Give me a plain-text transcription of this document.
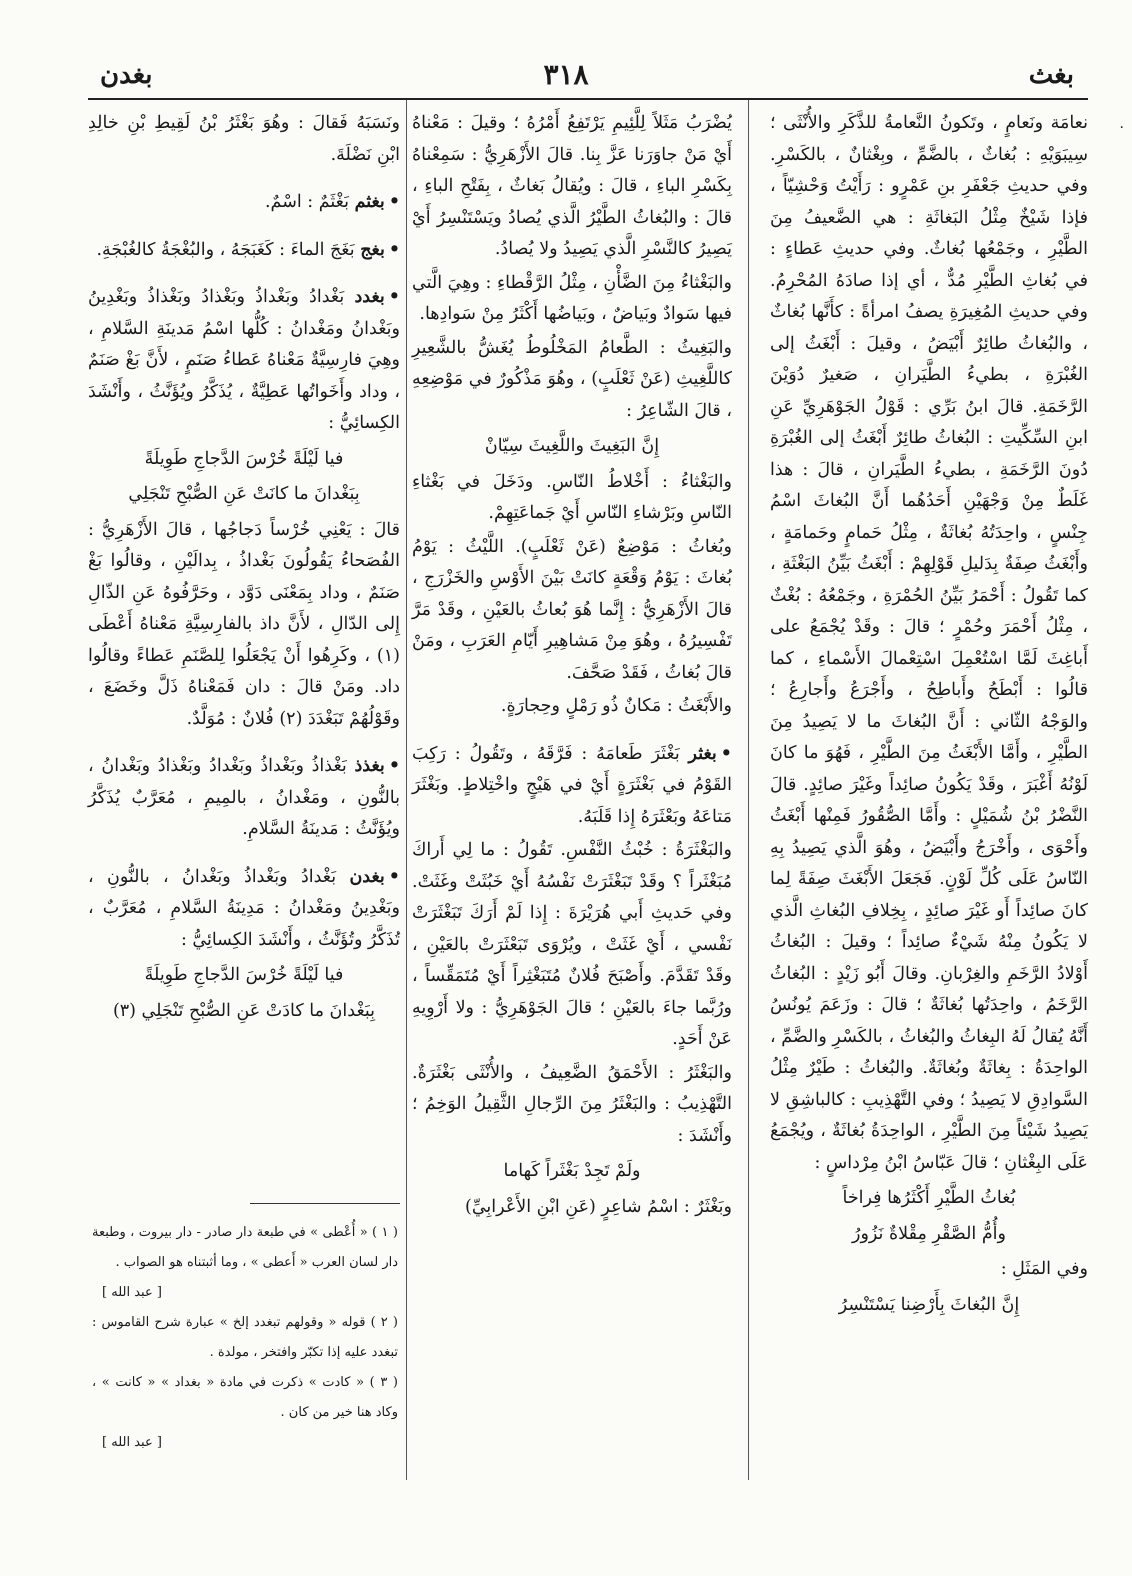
بغث
٣١٨
بغدن
·

نعامَة ونَعامٍ ، وتَكونُ النَّعامةُ للذَّكَرِ والأُنْثَى ؛ سِيبَوَيْهِ : بُغاثٌ ، بالضَّمِّ ، وبِغْثانٌ ، بالكَسْرِ. وفي حديثِ جَعْفَرِ بنِ عَمْرٍو : رَأَيْتُ وَحْشِيّاً ، فإذا شَيْخٌ مِثْلُ البَغاثَةِ : هي الضَّعيفُ مِنَ الطَّيْرِ ، وجَمْعُها بُغاثٌ. وفي حديثِ عَطاءٍ : في بُغاثِ الطَّيْرِ مُدٌّ ، أي إذا صادَهُ المُحْرِمُ. وفي حديثِ المُغِيرَةِ يصفُ امرأةً : كأَنَّها بُغاثٌ ، والبُغاثُ طائِرٌ أَبْيَضُ ، وقيلَ : أَبْغَثُ إلى الغُبْرَةِ ، بطيءُ الطَّيَرانِ ، صَغيرٌ دُوَيْنَ الرَّخَمَةِ. قالَ ابنُ بَرِّي : قَوْلُ الجَوْهَرِيِّ عَنِ ابنِ السِّكِّيتِ : البُغاثُ طائِرٌ أَبْغَثُ إلى الغُبْرَةِ دُونَ الرَّخَمَةِ ، بطيءُ الطَّيَرانِ ، قالَ : هذا غَلَطٌ مِنْ وَجْهَيْنِ أَحَدُهُما أَنَّ البُغاثَ اسْمُ جِنْسٍ ، واحِدَتُهُ بُغاثَةٌ ، مِثْلُ حَمامٍ وحَمامَةٍ ، وأَبْغَثُ صِفَةٌ بِدَليلِ قَوْلِهِمْ : أَبْغَثُ بَيِّنُ البَغْثَةِ ، كما تَقُولُ : أَحْمَرُ بَيِّنُ الحُمْرَةِ ، وجَمْعُهُ : بُغْثٌ ، مِثْلُ أَحْمَرَ وحُمْرٍ ؛ قالَ : وقَدْ يُجْمَعُ على أَباغِثَ لَمَّا اسْتُعْمِلَ اسْتِعْمالَ الأَسْماءِ ، كما قالُوا : أَبْطَحُ وأَباطِحُ ، وأَجْرَعُ وأَجارِعُ ؛ والوَجْهُ الثّاني : أَنَّ البُغاثَ ما لا يَصِيدُ مِنَ الطَّيْرِ ، وأَمَّا الأَبْغَثُ مِنَ الطَّيْرِ ، فَهُوَ ما كانَ لَوْنُهُ أَغْبَرَ ، وقَدْ يَكُونُ صائِداً وغَيْرَ صائِدٍ. قالَ النَّضْرُ بْنُ شُمَيْلٍ : وأَمَّا الصُّقُورُ فَمِنْها أَبْغَثُ وأَحْوَى ، وأَخْرَجُ وأَبْيَضُ ، وهُوَ الَّذي يَصِيدُ بِهِ النّاسُ عَلَى كُلِّ لَوْنٍ. فَجَعَلَ الأَبْغَثَ صِفَةً لِما كانَ صائِداً أَو غَيْرَ صائِدٍ ، بِخِلافِ البُغاثِ الَّذي لا يَكُونُ مِنْهُ شَيْءٌ صائِداً ؛ وقيلَ : البُغاثُ أَوْلادُ الرَّخَمِ والغِرْبانِ. وقالَ أَبُو زَيْدٍ : البُغاثُ الرَّخَمُ ، واحِدَتُها بُغاثَةٌ ؛ قالَ : وزَعَمَ يُونُسُ أَنَّهُ يُقالُ لَهُ البِغاثُ والبُغاثُ ، بالكَسْرِ والضَّمِّ ، الواحِدَةُ : بِغاثَةٌ وبُغاثَةٌ. والبُغاثُ : طَيْرٌ مِثْلُ السَّوادِقِ لا يَصِيدُ ؛ وفي التَّهْذِيبِ : كالباشِقِ لا يَصِيدُ شَيْئاً مِنَ الطَّيْرِ ، الواحِدَةُ بُغاثَةٌ ، ويُجْمَعُ عَلَى البِغْثانِ ؛ قالَ عَبّاسُ ابْنُ مِرْداسٍ :

بُغاثُ الطَّيْرِ أَكْثَرُها فِراخاً
وأُمُّ الصَّقْرِ مِقْلاةٌ نَزُورُ

وفي المَثَلِ :

إِنَّ البُغاثَ بِأَرْضِنا يَسْتَنْسِرُ

يُضْرَبُ مَثَلاً لِلَّئِيمِ يَرْتَفِعُ أَمْرُهُ ؛ وقيلَ : مَعْناهُ أَيْ مَنْ جاوَرَنا عَزَّ بِنا. قالَ الأَزْهَرِيُّ : سَمِعْناهُ بِكَسْرِ الباءِ ، قالَ : ويُقالُ بَغاثٌ ، بِفَتْحِ الباءِ ، قالَ : والبُغاثُ الطَّيْرُ الَّذي يُصادُ ويَسْتَنْسِرُ أَيْ يَصِيرُ كالنَّسْرِ الَّذي يَصِيدُ ولا يُصادُ.

والبَغْثاءُ مِنَ الضَّأْنِ ، مِثْلُ الرَّقْطاءِ : وهِيَ الَّتي فيها سَوادٌ وبَياضٌ ، وبَياضُها أَكْثَرُ مِنْ سَوادِها.

والبَغِيثُ : الطَّعامُ المَخْلُوطُ يُغَشُّ بالشَّعِيرِ كاللَّغِيثِ (عَنْ ثَعْلَبٍ) ، وهُوَ مَذْكُورٌ في مَوْضِعِهِ ، قالَ الشّاعِرُ :

إِنَّ البَغِيثَ واللَّغِيثَ سِيّانْ

والبَغْثاءُ : أَخْلاطُ النّاسِ. ودَخَلَ في بَغْثاءِ النّاسِ وبَرْشاءِ النّاسِ أَيْ جَماعَتِهِمْ.

وبُغاثُ : مَوْضِعٌ (عَنْ ثَعْلَبٍ). اللَّيْثُ : يَوْمُ بُغاثَ : يَوْمُ وَقْعَةٍ كانَتْ بَيْنَ الأَوْسِ والخَزْرَجِ ، قالَ الأَزْهَرِيُّ : إِنَّما هُوَ بُعاثُ بالعَيْنِ ، وقَدْ مَرَّ تَفْسِيرُهُ ، وهُوَ مِنْ مَشاهِيرِ أَيّامِ العَرَبِ ، ومَنْ قالَ بُغاثُ ، فَقَدْ صَحَّفَ.

والأَبْغَثُ : مَكانٌ ذُو رَمْلٍ وحِجارَةٍ.

•بغثر بَغْثَرَ طَعامَهُ : فَرَّقَهُ ، وتَقُولُ : رَكِبَ القَوْمُ في بَغْثَرَةٍ أَيْ في هَيْجٍ واخْتِلاطٍ. وبَغْثَرَ مَتاعَهُ وبَعْثَرَهُ إِذا قَلَبَهُ.

والبَغْثَرَةُ : خُبْثُ النَّفْسِ. تَقُولُ : ما لِي أَراكَ مُبَغْثَراً ؟ وقَدْ تَبَغْثَرَتْ نَفْسُهُ أَيْ خَبُثَتْ وغَثَتْ. وفي حَديثِ أَبي هُرَيْرَةَ : إِذا لَمْ أَرَكَ تَبَغْثَرَتْ نَفْسي ، أَيْ غَثَتْ ، ويُرْوَى تَبَعْثَرَتْ بالعَيْنِ ، وقَدْ تَقَدَّمَ. وأَصْبَحَ فُلانٌ مُتَبَغْثِراً أَيْ مُتَمَقِّساً ، ورُبَّما جاءَ بالعَيْنِ ؛ قالَ الجَوْهَرِيُّ : ولا أَرْوِيهِ عَنْ أَحَدٍ.

والبَغْثَرُ : الأَحْمَقُ الضَّعِيفُ ، والأُنْثَى بَغْثَرَةٌ. التَّهْذِيبُ : والبَغْثَرُ مِنَ الرِّجالِ الثَّقِيلُ الوَخِمُ ؛ وأَنْشَدَ :

ولَمْ تَجِدْ بَغْثَراً كَهاما

وبَغْثَرٌ : اسْمُ شاعِرٍ (عَنِ ابْنِ الأَعْرابِيِّ)

ونَسَبَهُ فَقالَ : وهُوَ بَغْثَرُ بْنُ لَقِيطِ بْنِ خالِدِ ابْنِ نَضْلَةَ.

•بغثم بَغْثَمٌ : اسْمٌ.

•بغج بَغَجَ الماءَ : كَغَبَجَهُ ، والبُغْجَةُ كالغُبْجَةِ.

•بغدد بَغْدادُ وبَغْداذُ وبَغْذادُ وبَغْذاذُ وبَغْدِينُ وبَغْدانُ ومَغْدانُ : كُلُّها اسْمُ مَدينَةِ السَّلامِ ، وهِيَ فارِسِيَّةٌ مَعْناهُ عَطاءُ صَنَمٍ ، لأَنَّ بَغْ صَنَمٌ ، وداد وأَخَواتُها عَطِيَّةٌ ، يُذَكَّرُ ويُؤَنَّثُ ، وأَنْشَدَ الكِسائِيُّ :

فيا لَيْلَةً خُرْسَ الدَّجاجِ طَوِيلَةً
بِبَغْدانَ ما كانَتْ عَنِ الصُّبْحِ تَنْجَلِي

قالَ : يَعْنِي خُرْساً دَجاجُها ، قالَ الأَزْهَرِيُّ : الفُصَحاءُ يَقُولُونَ بَغْداذُ ، بِدالَيْنِ ، وقالُوا بَغْ صَنَمٌ ، وداد بِمَعْنَى دَوَّد ، وحَرَّفُوهُ عَنِ الذّالِ إِلى الدّالِ ، لأَنَّ داذ بالفارِسِيَّةِ مَعْناهُ أَعْطَى (١) ، وكَرِهُوا أَنْ يَجْعَلُوا لِلصَّنَمِ عَطاءً وقالُوا داد. ومَنْ قالَ : دان فَمَعْناهُ ذَلَّ وخَضَعَ ، وقَوْلُهُمْ تَبَغْدَدَ (٢) فُلانٌ : مُوَلَّدٌ.

•بغذذ بَغْذاذُ وبَغْداذُ وبَغْدادُ وبَغْذادُ وبَغْدانُ ، بالنُّونِ ، ومَغْدانُ ، بالمِيمِ ، مُعَرَّبٌ يُذَكَّرُ ويُؤَنَّثُ : مَدينَةُ السَّلامِ.

•بغدن بَغْدادُ وبَغْداذُ وبَغْدانُ ، بالنُّونِ ، وبَغْدِينُ ومَغْدانُ : مَدِينَةُ السَّلامِ ، مُعَرَّبٌ ، تُذَكَّرُ وتُؤَنَّثُ ، وأَنْشَدَ الكِسائِيُّ :

فيا لَيْلَةً خُرْسَ الدَّجاجِ طَوِيلَةً
بِبَغْدانَ ما كادَتْ عَنِ الصُّبْحِ تَنْجَلِي (٣)

( ١ ) « أُعْطى » في طبعة دار صادر - دار بيروت ، وطبعة دار لسان العرب « أَعطى » ، وما أثبتناه هو الصواب .

[ عبد الله ]

( ٢ ) قوله « وقولهم تبغدد إلخ » عبارة شرح القاموس : تبغدد عليه إذا تكبّر وافتخر ، مولدة .

( ٣ ) « كادت » ذكرت في مادة « بغداد » « كانت » ، وكاد هنا خير من كان .

[ عبد الله ]
